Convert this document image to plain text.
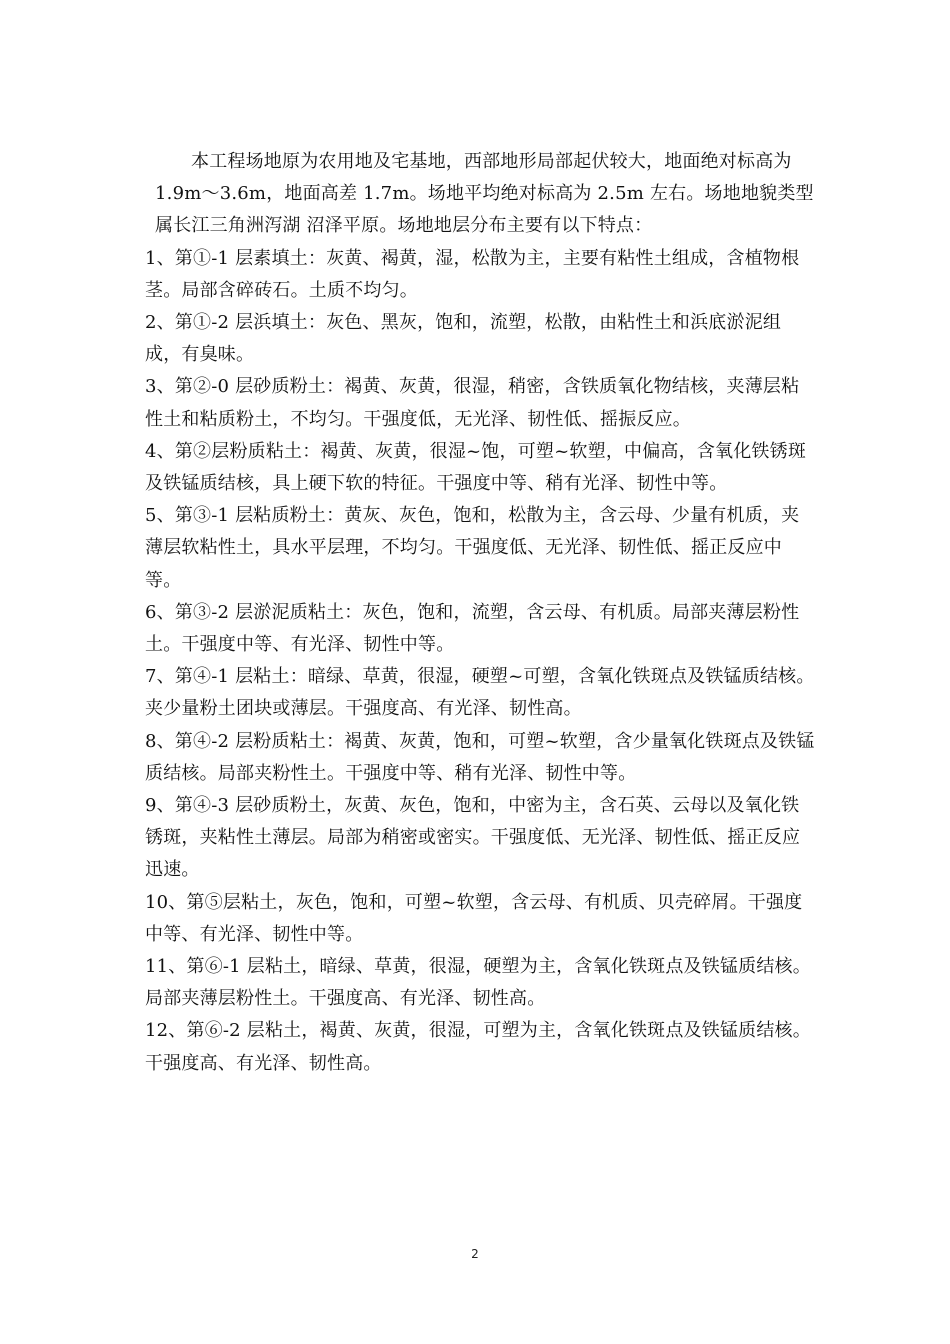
本工程场地原为农用地及宅基地，西部地形局部起伏较大，地面绝对标高为 1.9m～3.6m，地面高差 1.7m。场地平均绝对标高为 2.5m 左右。场地地貌类型属长江三角洲泻湖 沼泽平原。场地地层分布主要有以下特点：

1、第①-1 层素填土：灰黄、褐黄，湿，松散为主，主要有粘性土组成，含植物根茎。局部含碎砖石。土质不均匀。

2、第①-2 层浜填土：灰色、黑灰，饱和，流塑，松散，由粘性土和浜底淤泥组成，有臭味。

3、第②-0 层砂质粉土：褐黄、灰黄，很湿，稍密，含铁质氧化物结核，夹薄层粘 性土和粘质粉土，不均匀。干强度低，无光泽、韧性低、摇振反应。

4、第②层粉质粘土：褐黄、灰黄，很湿~饱，可塑~软塑，中偏高，含氧化铁锈斑及铁锰质结核，具上硬下软的特征。干强度中等、稍有光泽、韧性中等。

5、第③-1 层粘质粉土：黄灰、灰色，饱和，松散为主，含云母、少量有机质，夹薄层软粘性土，具水平层理，不均匀。干强度低、无光泽、韧性低、摇正反应中等。

6、第③-2 层淤泥质粘土：灰色，饱和，流塑，含云母、有机质。局部夹薄层粉性土。干强度中等、有光泽、韧性中等。

7、第④-1 层粘土：暗绿、草黄，很湿，硬塑~可塑，含氧化铁斑点及铁锰质结核。夹少量粉土团块或薄层。干强度高、有光泽、韧性高。

8、第④-2 层粉质粘土：褐黄、灰黄，饱和，可塑~软塑，含少量氧化铁斑点及铁锰质结核。局部夹粉性土。干强度中等、稍有光泽、韧性中等。

9、第④-3 层砂质粉土，灰黄、灰色，饱和，中密为主，含石英、云母以及氧化铁锈斑，夹粘性土薄层。局部为稍密或密实。干强度低、无光泽、韧性低、摇正反应迅速。

10、第⑤层粘土，灰色，饱和，可塑~软塑，含云母、有机质、贝壳碎屑。干强度中等、有光泽、韧性中等。

11、第⑥-1 层粘土，暗绿、草黄，很湿，硬塑为主，含氧化铁斑点及铁锰质结核。局部夹薄层粉性土。干强度高、有光泽、韧性高。

12、第⑥-2 层粘土，褐黄、灰黄，很湿，可塑为主，含氧化铁斑点及铁锰质结核。干强度高、有光泽、韧性高。

2
